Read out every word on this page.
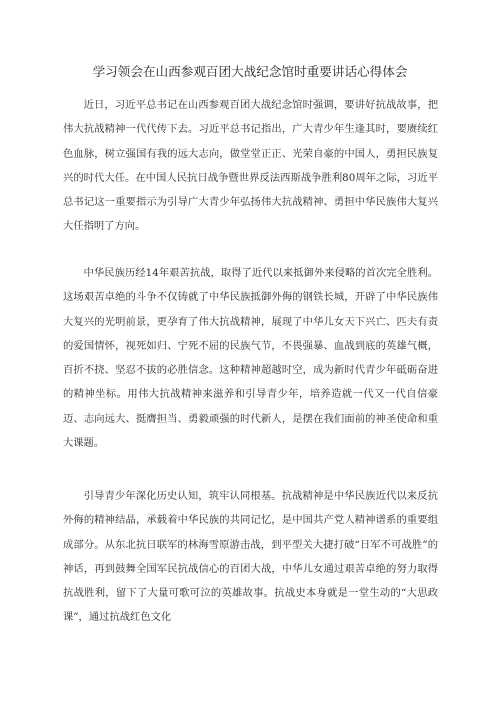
学习领会在山西参观百团大战纪念馆时重要讲话心得体会

近日，习近平总书记在山西参观百团大战纪念馆时强调，要讲好抗战故事，把伟大抗战精神一代代传下去。习近平总书记指出，广大青少年生逢其时，要赓续红色血脉，树立强国有我的远大志向，做堂堂正正、光荣自豪的中国人，勇担民族复兴的时代大任。在中国人民抗日战争暨世界反法西斯战争胜利80周年之际，习近平总书记这一重要指示为引导广大青少年弘扬伟大抗战精神、勇担中华民族伟大复兴大任指明了方向。

中华民族历经14年艰苦抗战，取得了近代以来抵御外来侵略的首次完全胜利。这场艰苦卓绝的斗争不仅铸就了中华民族抵御外侮的钢铁长城，开辟了中华民族伟大复兴的光明前景，更孕育了伟大抗战精神，展现了中华儿女天下兴亡、匹夫有责的爱国情怀，视死如归、宁死不屈的民族气节，不畏强暴、血战到底的英雄气概，百折不挠、坚忍不拔的必胜信念。这种精神超越时空，成为新时代青少年砥砺奋进的精神坐标。用伟大抗战精神来滋养和引导青少年，培养造就一代又一代自信豪迈、志向远大、挺膺担当、勇毅顽强的时代新人，是摆在我们面前的神圣使命和重大课题。

引导青少年深化历史认知，筑牢认同根基。抗战精神是中华民族近代以来反抗外侮的精神结晶，承载着中华民族的共同记忆，是中国共产党人精神谱系的重要组成部分。从东北抗日联军的林海雪原游击战，到平型关大捷打破“日军不可战胜”的神话，再到鼓舞全国军民抗战信心的百团大战，中华儿女通过艰苦卓绝的努力取得抗战胜利，留下了大量可歌可泣的英雄故事。抗战史本身就是一堂生动的“大思政课”，通过抗战红色文化
